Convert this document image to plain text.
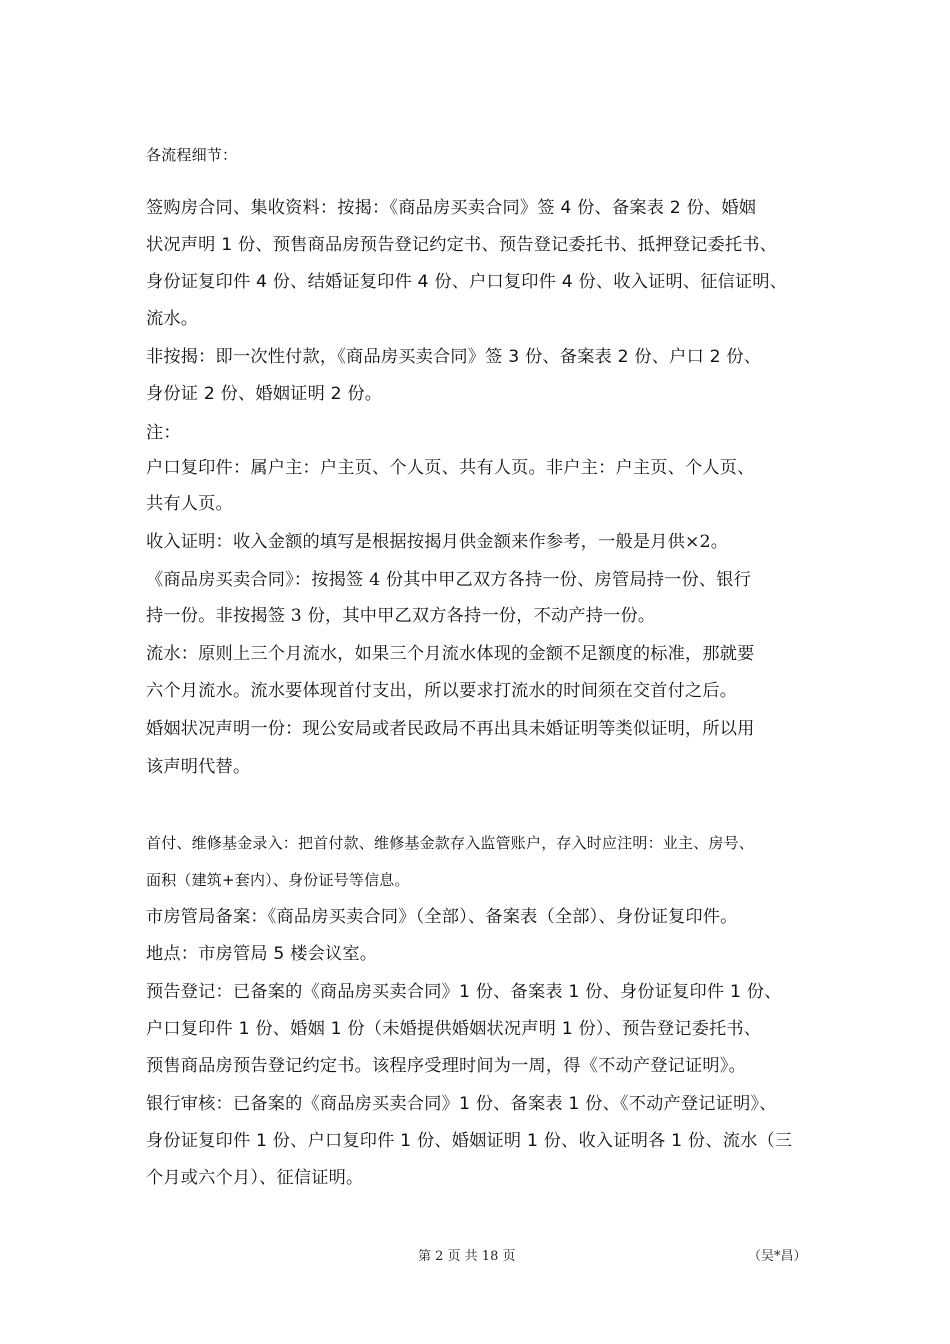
各流程细节：
签购房合同、集收资料：按揭：《商品房买卖合同》签 4 份、备案表 2 份、婚姻
状况声明 1 份、预售商品房预告登记约定书、预告登记委托书、抵押登记委托书、
身份证复印件 4 份、结婚证复印件 4 份、户口复印件 4 份、收入证明、征信证明、
流水。
非按揭：即一次性付款，《商品房买卖合同》签 3 份、备案表 2 份、户口 2 份、
身份证 2 份、婚姻证明 2 份。
注：
户口复印件：属户主：户主页、个人页、共有人页。非户主：户主页、个人页、
共有人页。
收入证明：收入金额的填写是根据按揭月供金额来作参考，一般是月供×2。
《商品房买卖合同》：按揭签 4 份其中甲乙双方各持一份、房管局持一份、银行
持一份。非按揭签 3 份，其中甲乙双方各持一份，不动产持一份。
流水：原则上三个月流水，如果三个月流水体现的金额不足额度的标准，那就要
六个月流水。流水要体现首付支出，所以要求打流水的时间须在交首付之后。
婚姻状况声明一份：现公安局或者民政局不再出具未婚证明等类似证明，所以用
该声明代替。
首付、维修基金录入：把首付款、维修基金款存入监管账户，存入时应注明：业主、房号、
面积（建筑+套内）、身份证号等信息。
市房管局备案：《商品房买卖合同》（全部）、备案表（全部）、身份证复印件。
地点：市房管局 5 楼会议室。
预告登记：已备案的《商品房买卖合同》1 份、备案表 1 份、身份证复印件 1 份、
户口复印件 1 份、婚姻 1 份（未婚提供婚姻状况声明 1 份）、预告登记委托书、
预售商品房预告登记约定书。该程序受理时间为一周，得《不动产登记证明》。
银行审核：已备案的《商品房买卖合同》1 份、备案表 1 份、《不动产登记证明》、
身份证复印件 1 份、户口复印件 1 份、婚姻证明 1 份、收入证明各 1 份、流水（三
个月或六个月）、征信证明。
第 2 页 共 18 页	（吴*昌）
